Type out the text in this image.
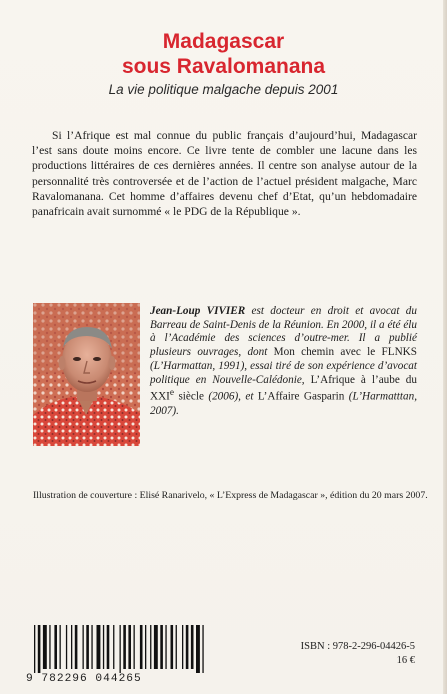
Madagascar
sous Ravalomanana

La vie politique malgache depuis 2001

Si l’Afrique est mal connue du public français d’aujourd’hui, Madagascar l’est sans doute moins encore. Ce livre tente de combler une lacune dans les productions littéraires de ces dernières années. Il centre son analyse autour de la personnalité très controversée et de l’action de l’actuel président malgache, Marc Ravalomanana. Cet homme d’affaires devenu chef d’Etat, qu’un hebdomadaire panafricain avait surnommé « le PDG de la République ».

Jean-Loup VIVIER est docteur en droit et avocat du Barreau de Saint-Denis de la Réunion. En 2000, il a été élu à l’Académie des sciences d’outre-mer. Il a publié plusieurs ouvrages, dont Mon chemin avec le FLNKS (L’Harmattan, 1991), essai tiré de son expérience d’avocat politique en Nouvelle-Calédonie, L’Afrique à l’aube du XXIe siècle (2006), et L’Affaire Gasparin (L’Harmatttan, 2007).

Illustration de couverture : Elisé Ranarivelo, « L’Express de Madagascar », édition du 20 mars 2007.

9 782296 044265

ISBN : 978-2-296-04426-5

16 €
